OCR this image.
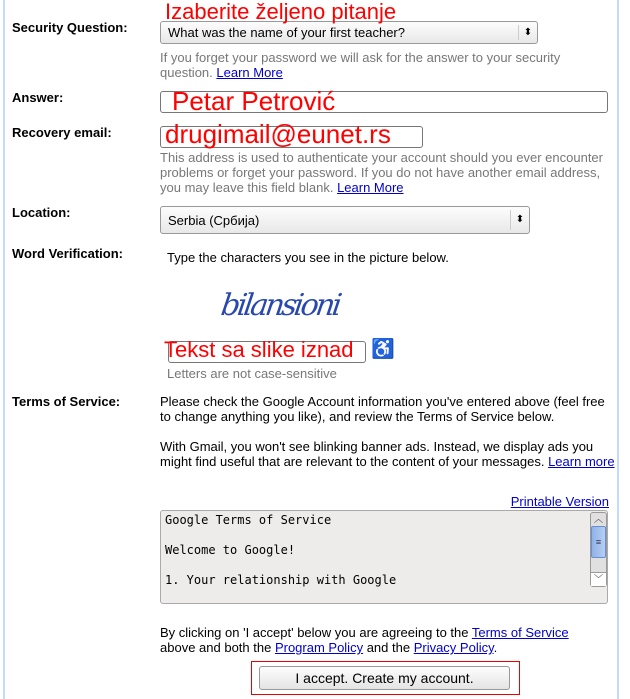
Security Question:
Answer:
Recovery email:
Location:
Word Verification:
Terms of Service:
What was the name of your first teacher?	⬍
Izaberite željeno pitanje
If you forget your password we will ask for the answer to your security question. Learn More
Petar Petrović
drugimail@eunet.rs
This address is used to authenticate your account should you ever encounter problems or forget your password. If you do not have another email address, you may leave this field blank. Learn More
Serbia (Србија)	⬍
Type the characters you see in the picture below.
bilansioni
Tekst sa slike iznad ♿
Letters are not case-sensitive
Please check the Google Account information you've entered above (feel free to change anything you like), and review the Terms of Service below.
With Gmail, you won't see blinking banner ads. Instead, we display ads you might find useful that are relevant to the content of your messages. Learn more
Printable Version
Google Terms of Service

Welcome to Google!

1. Your relationship with Google
︿
≡
﹀
By clicking on 'I accept' below you are agreeing to the Terms of Service
above and both the Program Policy and the Privacy Policy.
I accept. Create my account.
